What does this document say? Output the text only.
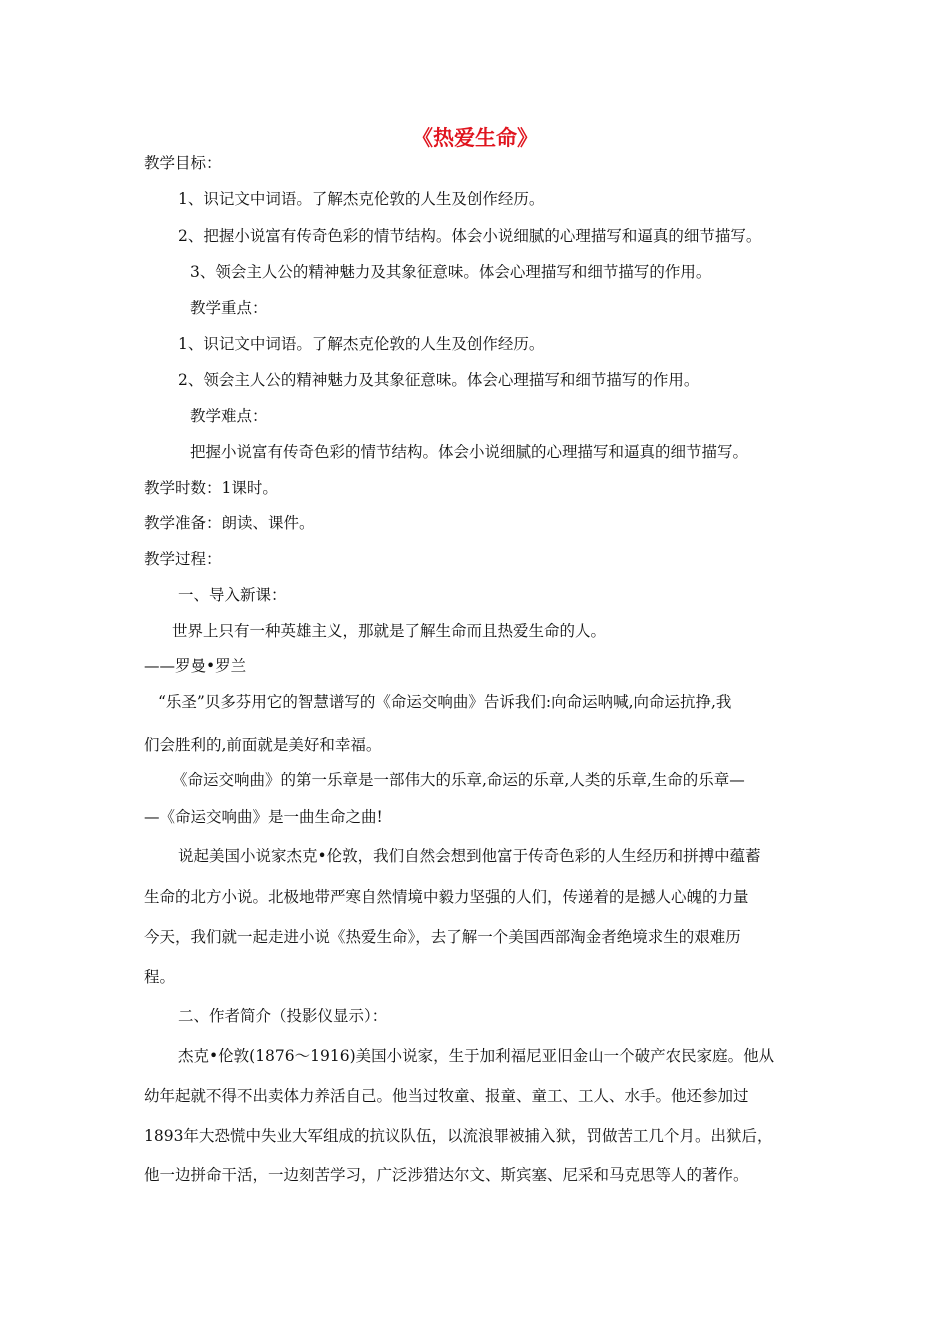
《热爱生命》
教学目标：
1、识记文中词语。了解杰克伦敦的人生及创作经历。
2、把握小说富有传奇色彩的情节结构。体会小说细腻的心理描写和逼真的细节描写。
3、领会主人公的精神魅力及其象征意味。体会心理描写和细节描写的作用。
教学重点：
1、识记文中词语。了解杰克伦敦的人生及创作经历。
2、领会主人公的精神魅力及其象征意味。体会心理描写和细节描写的作用。
教学难点：
把握小说富有传奇色彩的情节结构。体会小说细腻的心理描写和逼真的细节描写。
教学时数：1课时。
教学准备：朗读、课件。
教学过程：
一、导入新课：
世界上只有一种英雄主义，那就是了解生命而且热爱生命的人。
——罗曼•罗兰
“乐圣”贝多芬用它的智慧谱写的《命运交响曲》告诉我们:向命运呐喊,向命运抗挣,我
们会胜利的,前面就是美好和幸福。
《命运交响曲》的第一乐章是一部伟大的乐章,命运的乐章,人类的乐章,生命的乐章—
—《命运交响曲》是一曲生命之曲!
说起美国小说家杰克•伦敦，我们自然会想到他富于传奇色彩的人生经历和拼搏中蕴蓄
生命的北方小说。北极地带严寒自然情境中毅力坚强的人们，传递着的是撼人心魄的力量
今天，我们就一起走进小说《热爱生命》，去了解一个美国西部淘金者绝境求生的艰难历
程。
二、作者简介（投影仪显示）：
杰克•伦敦(1876～1916)美国小说家，生于加利福尼亚旧金山一个破产农民家庭。他从
幼年起就不得不出卖体力养活自己。他当过牧童、报童、童工、工人、水手。他还参加过
1893年大恐慌中失业大军组成的抗议队伍，以流浪罪被捕入狱，罚做苦工几个月。出狱后，
他一边拼命干活，一边刻苦学习，广泛涉猎达尔文、斯宾塞、尼采和马克思等人的著作。
